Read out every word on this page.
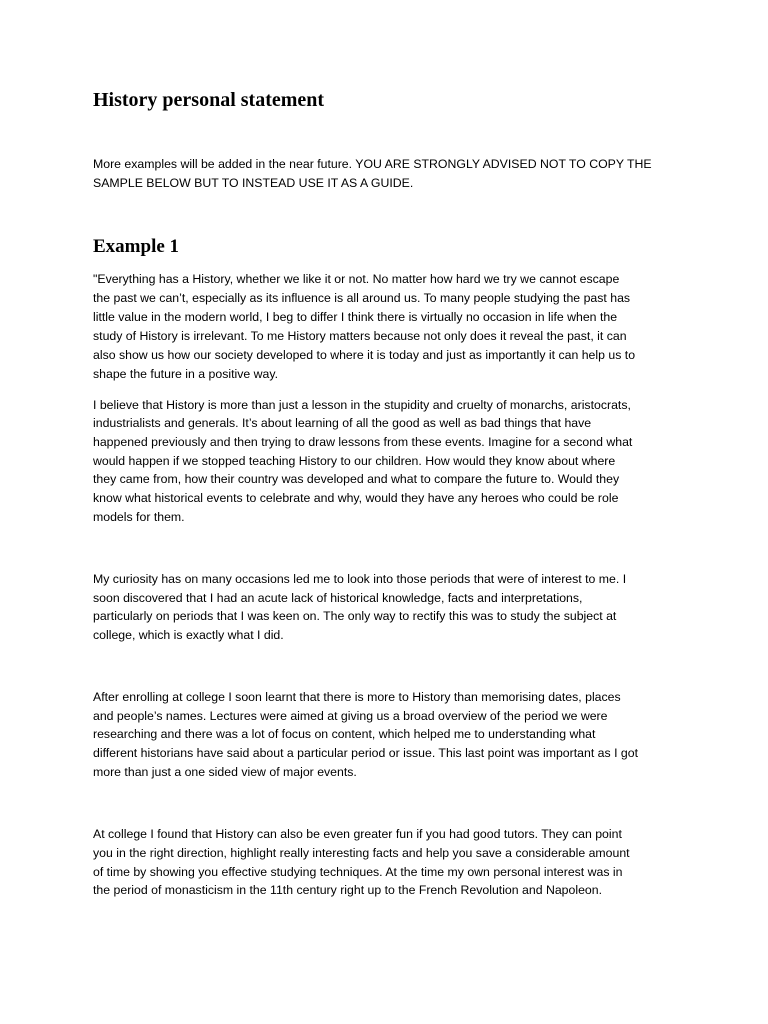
History personal statement

More examples will be added in the near future. YOU ARE STRONGLY ADVISED NOT TO COPY THE

SAMPLE BELOW BUT TO INSTEAD USE IT AS A GUIDE.

Example 1

"Everything has a History, whether we like it or not. No matter how hard we try we cannot escape

the past we can’t, especially as its influence is all around us. To many people studying the past has

little value in the modern world, I beg to differ I think there is virtually no occasion in life when the

study of History is irrelevant. To me History matters because not only does it reveal the past, it can

also show us how our society developed to where it is today and just as importantly it can help us to

shape the future in a positive way.

I believe that History is more than just a lesson in the stupidity and cruelty of monarchs, aristocrats,

industrialists and generals. It’s about learning of all the good as well as bad things that have

happened previously and then trying to draw lessons from these events. Imagine for a second what

would happen if we stopped teaching History to our children. How would they know about where

they came from, how their country was developed and what to compare the future to. Would they

know what historical events to celebrate and why, would they have any heroes who could be role

models for them.

My curiosity has on many occasions led me to look into those periods that were of interest to me. I

soon discovered that I had an acute lack of historical knowledge, facts and interpretations,

particularly on periods that I was keen on. The only way to rectify this was to study the subject at

college, which is exactly what I did.

After enrolling at college I soon learnt that there is more to History than memorising dates, places

and people’s names. Lectures were aimed at giving us a broad overview of the period we were

researching and there was a lot of focus on content, which helped me to understanding what

different historians have said about a particular period or issue. This last point was important as I got

more than just a one sided view of major events.

At college I found that History can also be even greater fun if you had good tutors. They can point

you in the right direction, highlight really interesting facts and help you save a considerable amount

of time by showing you effective studying techniques. At the time my own personal interest was in

the period of monasticism in the 11th century right up to the French Revolution and Napoleon.
